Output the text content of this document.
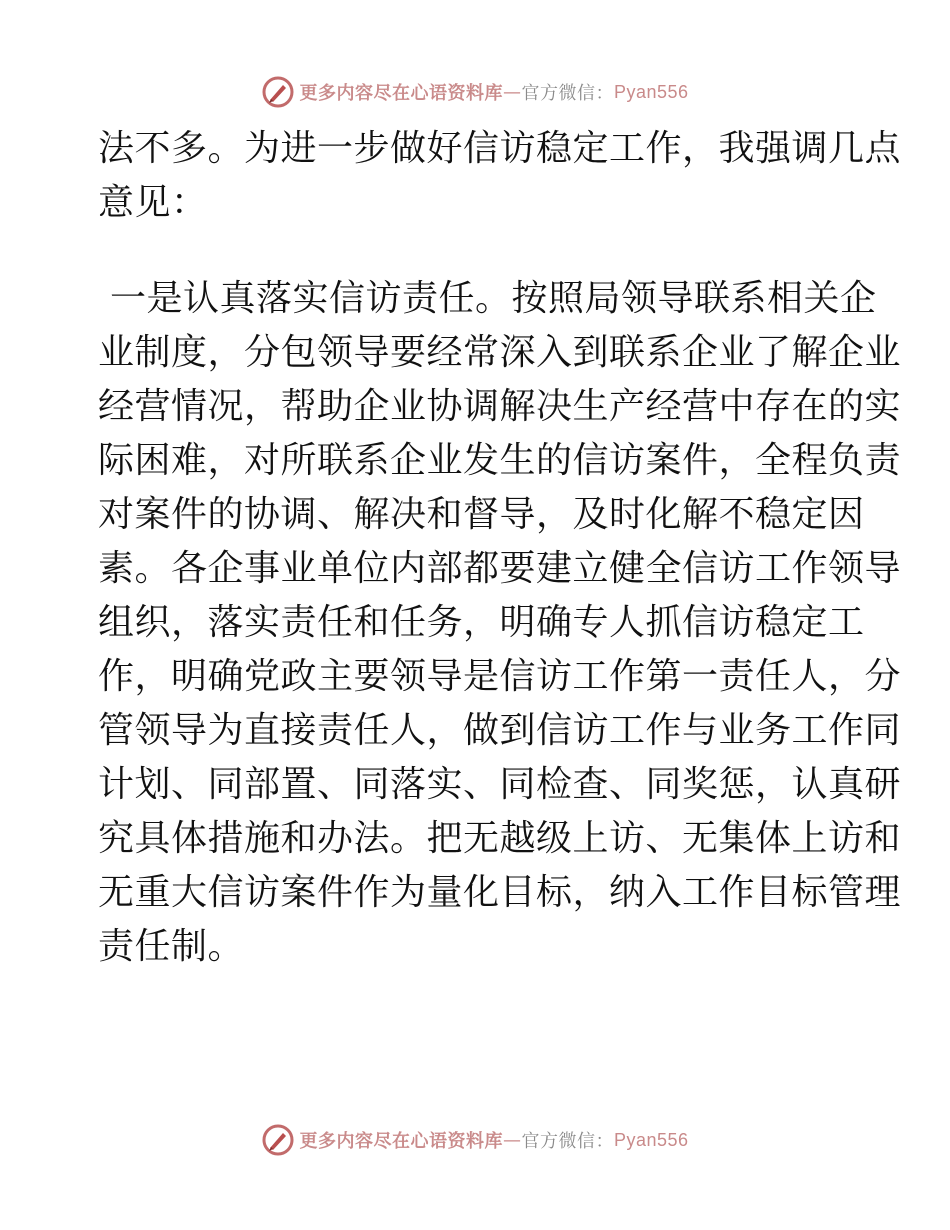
更多内容尽在心语资料库 — 官方微信： Pyan556
法不多。为进一步做好信访稳定工作，我强调几点
意见：
一是认真落实信访责任。按照局领导联系相关企
业制度，分包领导要经常深入到联系企业了解企业
经营情况，帮助企业协调解决生产经营中存在的实
际困难，对所联系企业发生的信访案件，全程负责
对案件的协调、解决和督导，及时化解不稳定因
素。各企事业单位内部都要建立健全信访工作领导
组织，落实责任和任务，明确专人抓信访稳定工
作，明确党政主要领导是信访工作第一责任人，分
管领导为直接责任人，做到信访工作与业务工作同
计划、同部置、同落实、同检查、同奖惩，认真研
究具体措施和办法。把无越级上访、无集体上访和
无重大信访案件作为量化目标，纳入工作目标管理
责任制。
更多内容尽在心语资料库 — 官方微信： Pyan556
